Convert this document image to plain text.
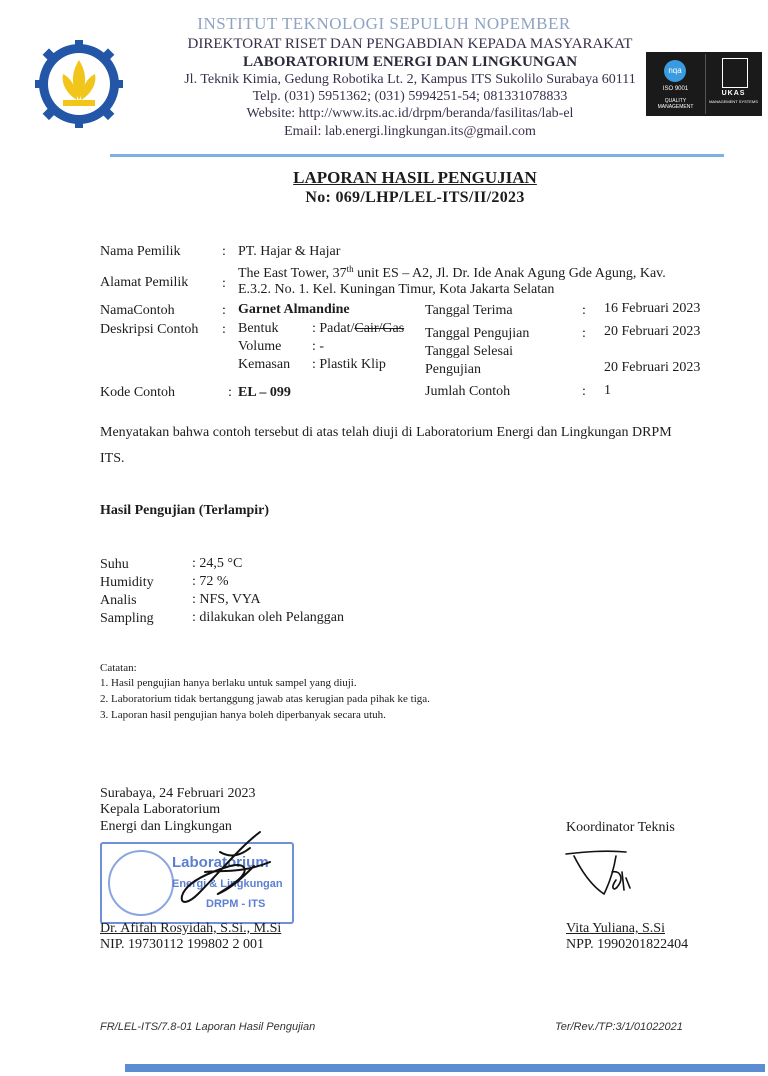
INSTITUT TEKNOLOGI SEPULUH NOPEMBER
DIREKTORAT RISET DAN PENGABDIAN KEPADA MASYARAKAT
LABORATORIUM ENERGI DAN LINGKUNGAN
Jl. Teknik Kimia, Gedung Robotika Lt. 2, Kampus ITS Sukolilo Surabaya 60111
Telp. (031) 5951362; (031) 5994251-54; 081331078833
Website: http://www.its.ac.id/drpm/beranda/fasilitas/lab-el
Email: lab.energi.lingkungan.its@gmail.com
nqa
ISO 9001
QUALITY MANAGEMENT
UKAS
MANAGEMENT SYSTEMS
LAPORAN HASIL PENGUJIAN
No: 069/LHP/LEL-ITS/II/2023
Nama Pemilik	: PT. Hajar & Hajar
Alamat Pemilik :
The East Tower, 37th unit ES – A2, Jl. Dr. Ide Anak Agung Gde Agung, Kav.
E.3.2. No. 1. Kel. Kuningan Timur, Kota Jakarta Selatan
NamaContoh	: Garnet Almandine
Deskripsi Contoh : Bentuk : Padat/Cair/Gas
Volume : -
Kemasan : Plastik Klip
Kode Contoh	: EL – 099
Tanggal Terima	: 16 Februari 2023
Tanggal Pengujian	: 20 Februari 2023
Tanggal Selesai
Pengujian	20 Februari 2023
Jumlah Contoh	: 1
Menyatakan bahwa contoh tersebut di atas telah diuji di Laboratorium Energi dan Lingkungan DRPM
ITS.
Hasil Pengujian (Terlampir)
Suhu	: 24,5 °C
Humidity	: 72 %
Analis	: NFS, VYA
Sampling	: dilakukan oleh Pelanggan
Catatan:
1. Hasil pengujian hanya berlaku untuk sampel yang diuji.
2. Laboratorium tidak bertanggung jawab atas kerugian pada pihak ke tiga.
3. Laporan hasil pengujian hanya boleh diperbanyak secara utuh.
Surabaya, 24 Februari 2023
Kepala Laboratorium
Energi dan Lingkungan
Laboratorium
Energi & Lingkungan
DRPM - ITS
Dr. Afifah Rosyidah, S.Si., M.Si
NIP. 19730112 199802 2 001
Koordinator Teknis
Vita Yuliana, S.Si
NPP. 1990201822404
FR/LEL-ITS/7.8-01 Laporan Hasil Pengujian	Ter/Rev./TP:3/1/01022021
